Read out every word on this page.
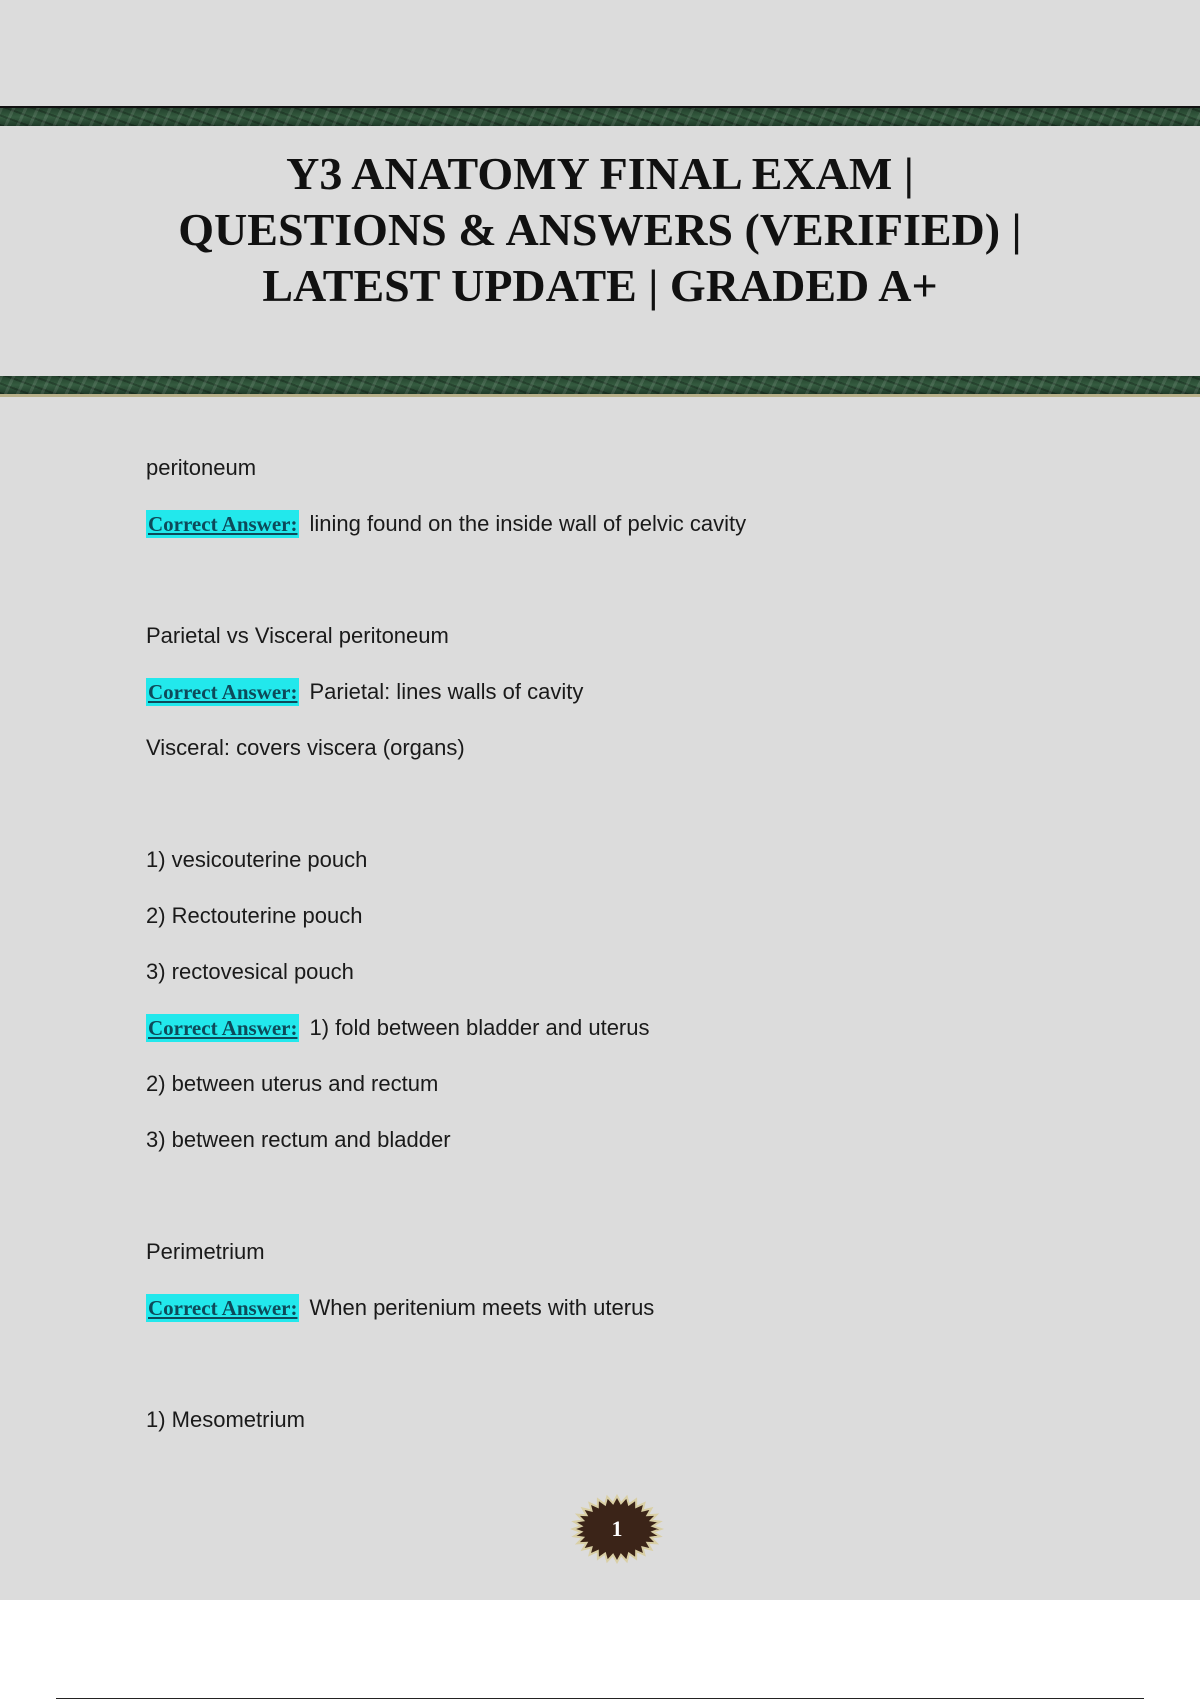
Y3 ANATOMY FINAL EXAM |
QUESTIONS & ANSWERS (VERIFIED) |
LATEST UPDATE | GRADED A+
peritoneum
Correct Answer: lining found on the inside wall of pelvic cavity
Parietal vs Visceral peritoneum
Correct Answer: Parietal: lines walls of cavity
Visceral: covers viscera (organs)
1) vesicouterine pouch
2) Rectouterine pouch
3) rectovesical pouch
Correct Answer: 1) fold between bladder and uterus
2) between uterus and rectum
3) between rectum and bladder
Perimetrium
Correct Answer: When peritenium meets with uterus
1) Mesometrium
1
